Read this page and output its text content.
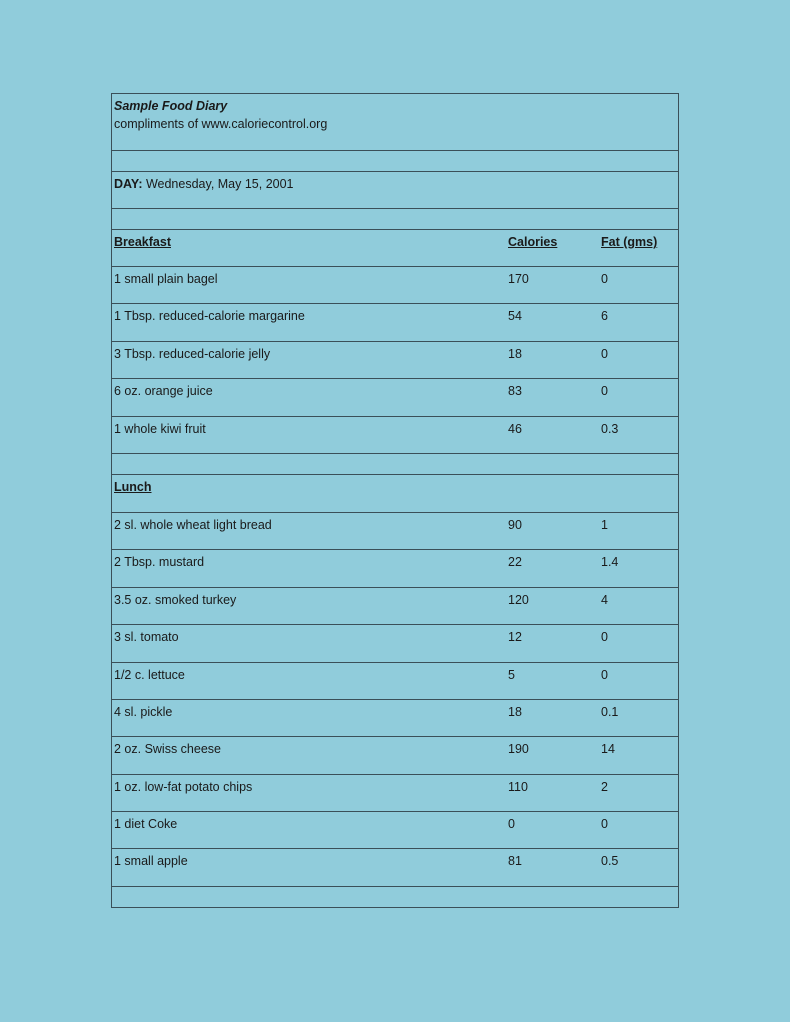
Sample Food Diary
compliments of www.caloriecontrol.org
DAY: Wednesday, May 15, 2001
Breakfast	Calories	Fat (gms)
1 small plain bagel	170	0
1 Tbsp. reduced-calorie margarine	54	6
3 Tbsp. reduced-calorie jelly	18	0
6 oz. orange juice	83	0
1 whole kiwi fruit	46	0.3
Lunch
2 sl. whole wheat light bread	90	1
2 Tbsp. mustard	22	1.4
3.5 oz. smoked turkey	120	4
3 sl. tomato	12	0
1/2 c. lettuce	5	0
4 sl. pickle	18	0.1
2 oz. Swiss cheese	190	14
1 oz. low-fat potato chips	110	2
1 diet Coke	0	0
1 small apple	81	0.5
